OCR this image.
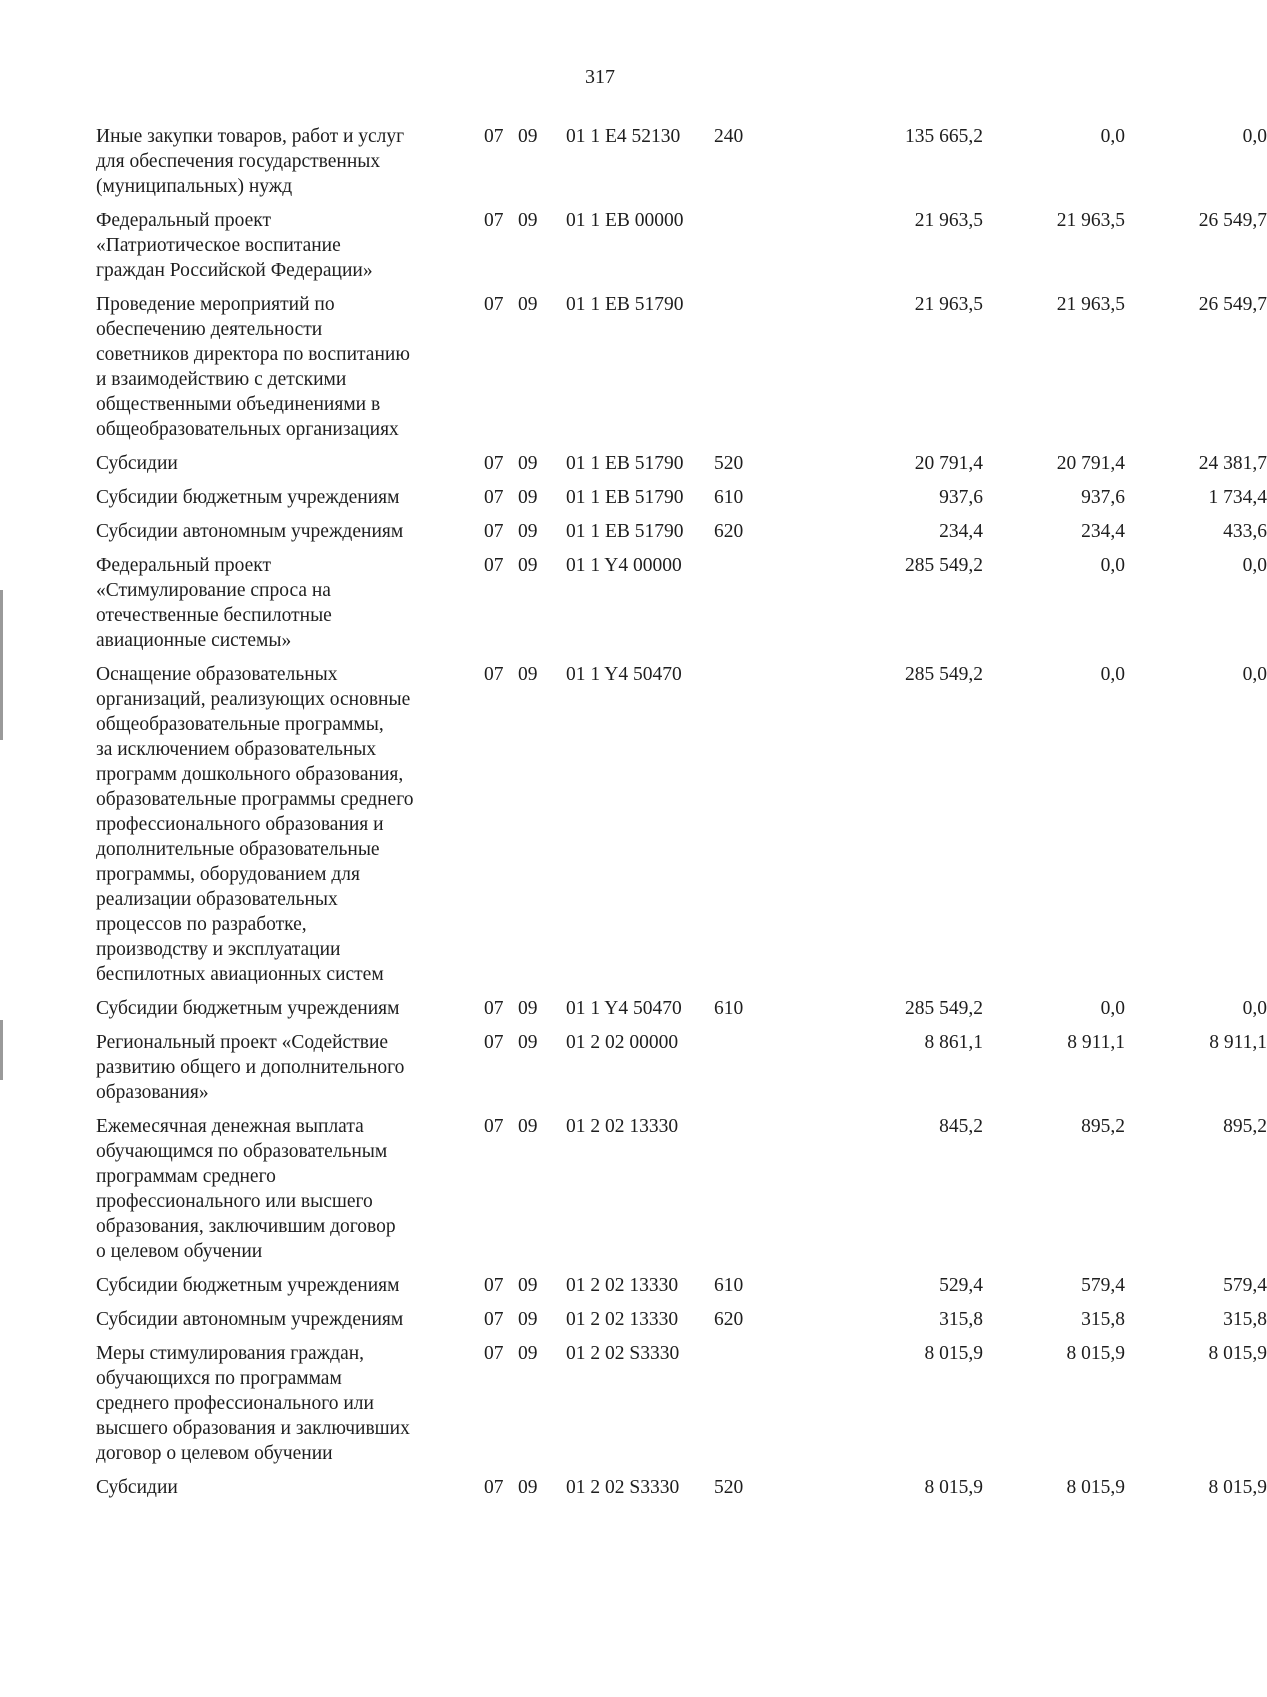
317
Иные закупки товаров, работ и услуг
для обеспечения государственных
(муниципальных) нужд
07 09 01 1 Е4 52130 240	135 665,2	0,0	0,0
Федеральный проект
«Патриотическое воспитание
граждан Российской Федерации»
07 09 01 1 ЕВ 00000	21 963,5	21 963,5	26 549,7
Проведение мероприятий по
обеспечению деятельности
советников директора по воспитанию
и взаимодействию с детскими
общественными объединениями в
общеобразовательных организациях
07 09 01 1 ЕВ 51790	21 963,5	21 963,5	26 549,7
Субсидии	07 09 01 1 ЕВ 51790 520	20 791,4	20 791,4	24 381,7
Субсидии бюджетным учреждениям	07 09 01 1 ЕВ 51790 610	937,6	937,6	1 734,4
Субсидии автономным учреждениям	07 09 01 1 ЕВ 51790 620	234,4	234,4	433,6
Федеральный проект
«Стимулирование спроса на
отечественные беспилотные
авиационные системы»
07 09 01 1 Y4 00000	285 549,2	0,0	0,0
Оснащение образовательных
организаций, реализующих основные
общеобразовательные программы,
за исключением образовательных
программ дошкольного образования,
образовательные программы среднего
профессионального образования и
дополнительные образовательные
программы, оборудованием для
реализации образовательных
процессов по разработке,
производству и эксплуатации
беспилотных авиационных систем
07 09 01 1 Y4 50470	285 549,2	0,0	0,0
Субсидии бюджетным учреждениям	07 09 01 1 Y4 50470 610	285 549,2	0,0	0,0
Региональный проект «Содействие
развитию общего и дополнительного
образования»
07 09 01 2 02 00000	8 861,1	8 911,1	8 911,1
Ежемесячная денежная выплата
обучающимся по образовательным
программам среднего
профессионального или высшего
образования, заключившим договор
о целевом обучении
07 09 01 2 02 13330	845,2	895,2	895,2
Субсидии бюджетным учреждениям	07 09 01 2 02 13330 610	529,4	579,4	579,4
Субсидии автономным учреждениям	07 09 01 2 02 13330 620	315,8	315,8	315,8
Меры стимулирования граждан,
обучающихся по программам
среднего профессионального или
высшего образования и заключивших
договор о целевом обучении
07 09 01 2 02 S3330	8 015,9	8 015,9	8 015,9
Субсидии	07 09 01 2 02 S3330 520	8 015,9	8 015,9	8 015,9
